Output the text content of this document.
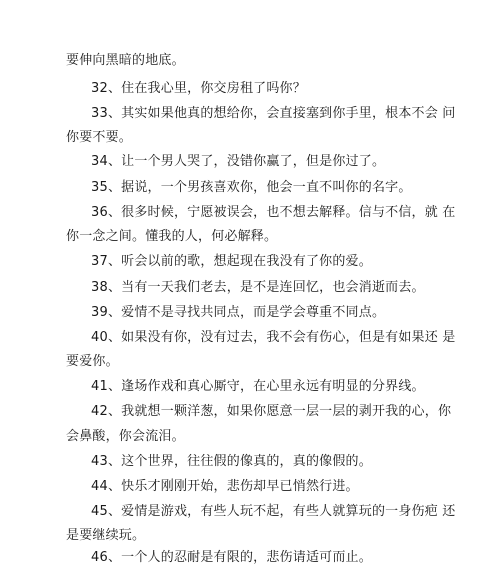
要伸向黑暗的地底。
32、住在我心里，你交房租了吗你？
33、其实如果他真的想给你，会直接塞到你手里，根本不会 问
你要不要。
34、让一个男人哭了，没错你赢了，但是你过了。
35、据说，一个男孩喜欢你，他会一直不叫你的名字。
36、很多时候，宁愿被误会，也不想去解释。信与不信，就 在
你一念之间。懂我的人，何必解释。
37、听会以前的歌，想起现在我没有了你的爱。
38、当有一天我们老去，是不是连回忆，也会消逝而去。
39、爱情不是寻找共同点，而是学会尊重不同点。
40、如果没有你，没有过去，我不会有伤心，但是有如果还 是
要爱你。
41、逢场作戏和真心厮守，在心里永远有明显的分界线。
42、我就想一颗洋葱，如果你愿意一层一层的剥开我的心，你
会鼻酸，你会流泪。
43、这个世界，往往假的像真的，真的像假的。
44、快乐才刚刚开始，悲伤却早已悄然行进。
45、爱情是游戏，有些人玩不起，有些人就算玩的一身伤疤 还
是要继续玩。
46、一个人的忍耐是有限的，悲伤请适可而止。
